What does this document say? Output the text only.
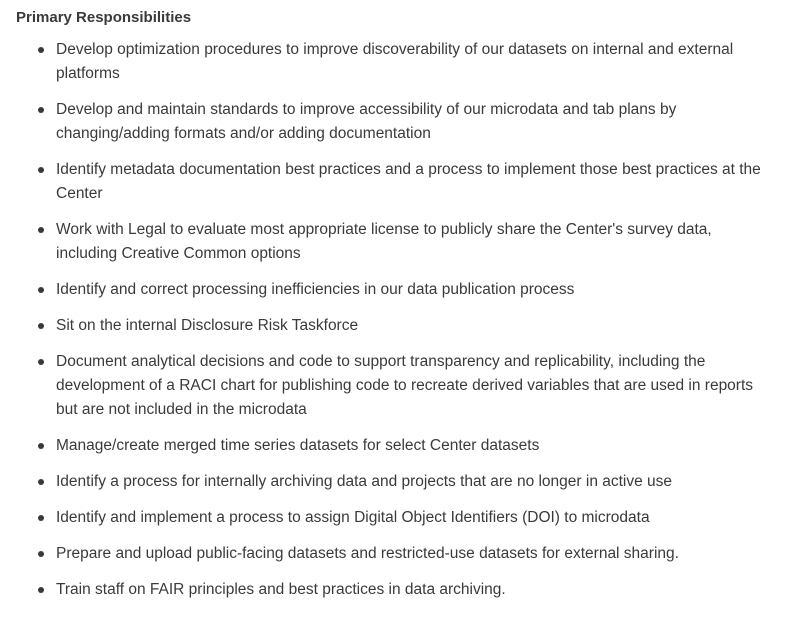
Primary Responsibilities
Develop optimization procedures to improve discoverability of our datasets on internal and external platforms
Develop and maintain standards to improve accessibility of our microdata and tab plans by changing/adding formats and/or adding documentation
Identify metadata documentation best practices and a process to implement those best practices at the Center
Work with Legal to evaluate most appropriate license to publicly share the Center's survey data, including Creative Common options
Identify and correct processing inefficiencies in our data publication process
Sit on the internal Disclosure Risk Taskforce
Document analytical decisions and code to support transparency and replicability, including the development of a RACI chart for publishing code to recreate derived variables that are used in reports but are not included in the microdata
Manage/create merged time series datasets for select Center datasets
Identify a process for internally archiving data and projects that are no longer in active use
Identify and implement a process to assign Digital Object Identifiers (DOI) to microdata
Prepare and upload public-facing datasets and restricted-use datasets for external sharing.
Train staff on FAIR principles and best practices in data archiving.
